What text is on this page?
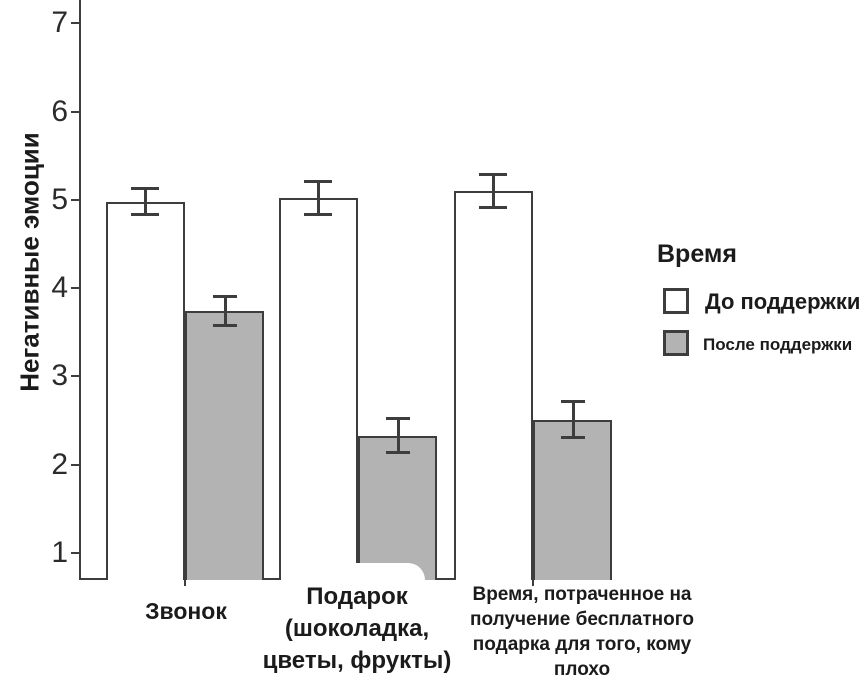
Негативные эмоции
7
6
5
4
3
2
1
Звонок
Подарок
(шоколадка,
цветы, фрукты)
Время, потраченное на
получение бесплатного
подарка для того, кому
плохо
Время
До поддержки
После поддержки
